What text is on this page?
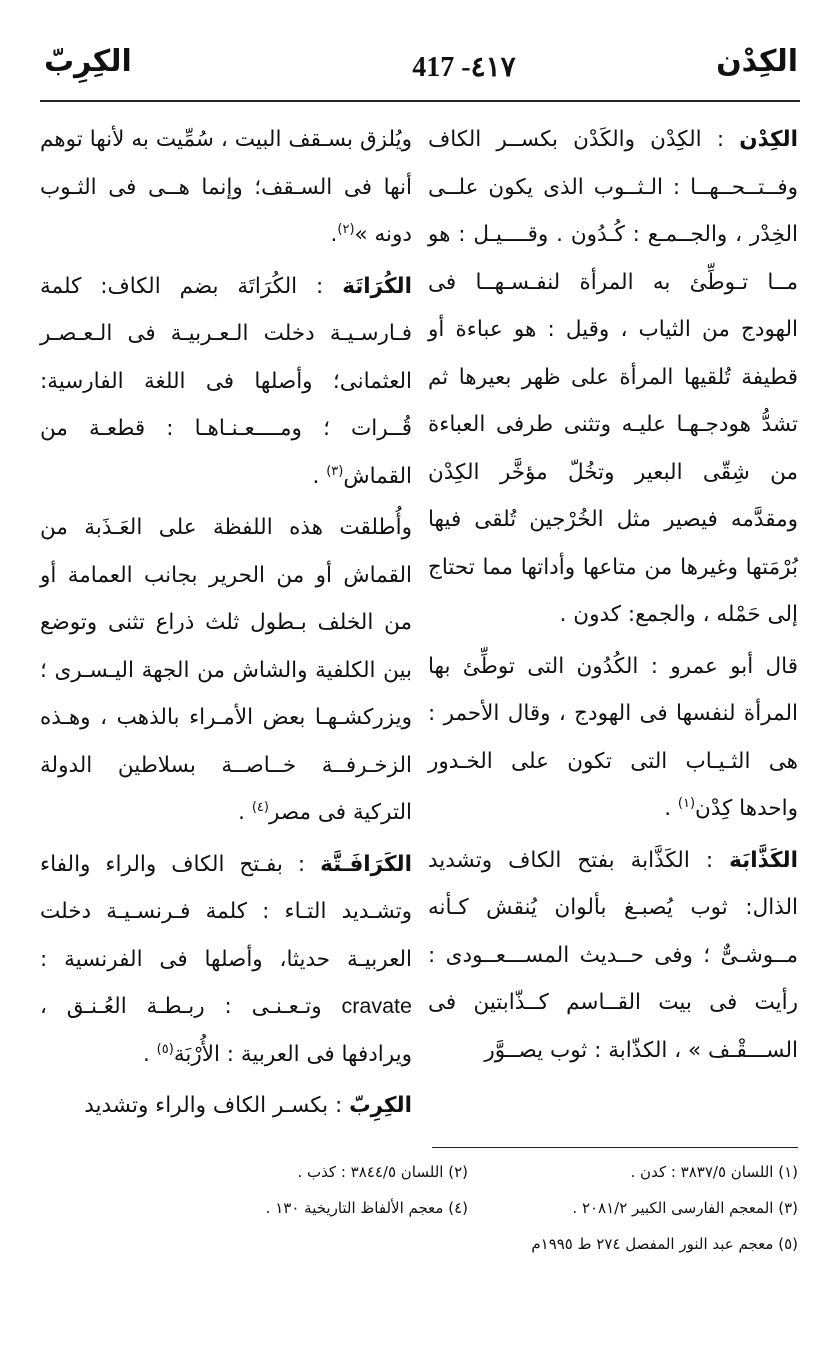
الكِدْن
417 -٤١٧
الكِرِبّ

الكِدْن : الكِدْن والكَدْن بكســر الكاف وفــتــحــهــا : الـثــوب الذى يكون علــى الخِدْر ، والجــمـع : كُـدُون . وقــــيـل : هو مــا تـوطِّئ به المرأة لنفـسـهــا فى الهودج من الثياب ، وقيل : هو عباءة أو قطيفة تُلقيها المرأة على ظهر بعيرها ثم تشدُّ هودجـهـا عليـه وتثنى طرفى العباءة من شِقّى البعير وتخُلّ مؤخَّر الكِدْن ومقدَّمه فيصير مثل الخُرْجين تُلقى فيها بُرْمَتها وغيرها من متاعها وأداتها مما تحتاج إلى حَمْله ، والجمع: كدون .

قال أبو عمرو : الكُدُون التى توطِّئ بها المرأة لنفسها فى الهودج ، وقال الأحمر : هى الثـيـاب التى تكون على الخـدور واحدها كِدْن$^{(١)}$ .

الكَذَّابَة : الكَذَّابة بفتح الكاف وتشديد الذال: ثوب يُصبـغ بألوان يُنقش كـأنه مــوشـىٌّ ؛ وفى حــديث المســـعــودى : رأيت فى بيت القــاسم كــذّابتين فى الســـقْـف » ، الكذّابة : ثوب يصــوَّر

ويُلزق بسـقف البيت ، سُمِّيت به لأنها توهم أنها فى السـقف؛ وإنما هــى فى الثـوب دونه »$^{(٢)}$.

الكُرَاتَة : الكُرَاتَة بضم الكاف: كلمة فـارسـيـة دخلت الـعـربيـة فى الـعـصـر العثمانى؛ وأصلها فى اللغة الفارسية: قُــرات ؛ ومــــعـنـاهـا : قطعـة من القماش$^{(٣)}$ .

وأُطلقت هذه اللفظة على العَـذَبة من القماش أو من الحرير بجانب العمامة أو من الخلف بـطول ثلث ذراع تثنى وتوضع بين الكلفية والشاش من الجهة اليـسـرى ؛ ويزركشـهـا بعض الأمـراء بالذهب ، وهـذه الزخـرفــة خــاصــة بسلاطين الدولة التركية فى مصر$^{(٤)}$ .

الكَرَافَـتَّة : بفـتح الكاف والراء والفاء وتشـديد التـاء : كلمة فـرنسـيـة دخلت العربيـة حديثا، وأصلها فى الفرنسية : cravate وتـعـنـى : ربـطـة العُـنـق ، ويرادفها فى العربية : الأُرْبَة$^{(٥)}$ .

الكِرِبّ : بكسـر الكاف والراء وتشديد

(١) اللسان ٣٨٣٧/٥ : كدن .
(٢) اللسان ٣٨٤٤/٥ : كذب .
(٣) المعجم الفارسى الكبير ٢٠٨١/٢ .
(٤) معجم الألفاظ التاريخية ١٣٠ .
(٥) معجم عبد النور المفصل ٢٧٤ ط ١٩٩٥م
